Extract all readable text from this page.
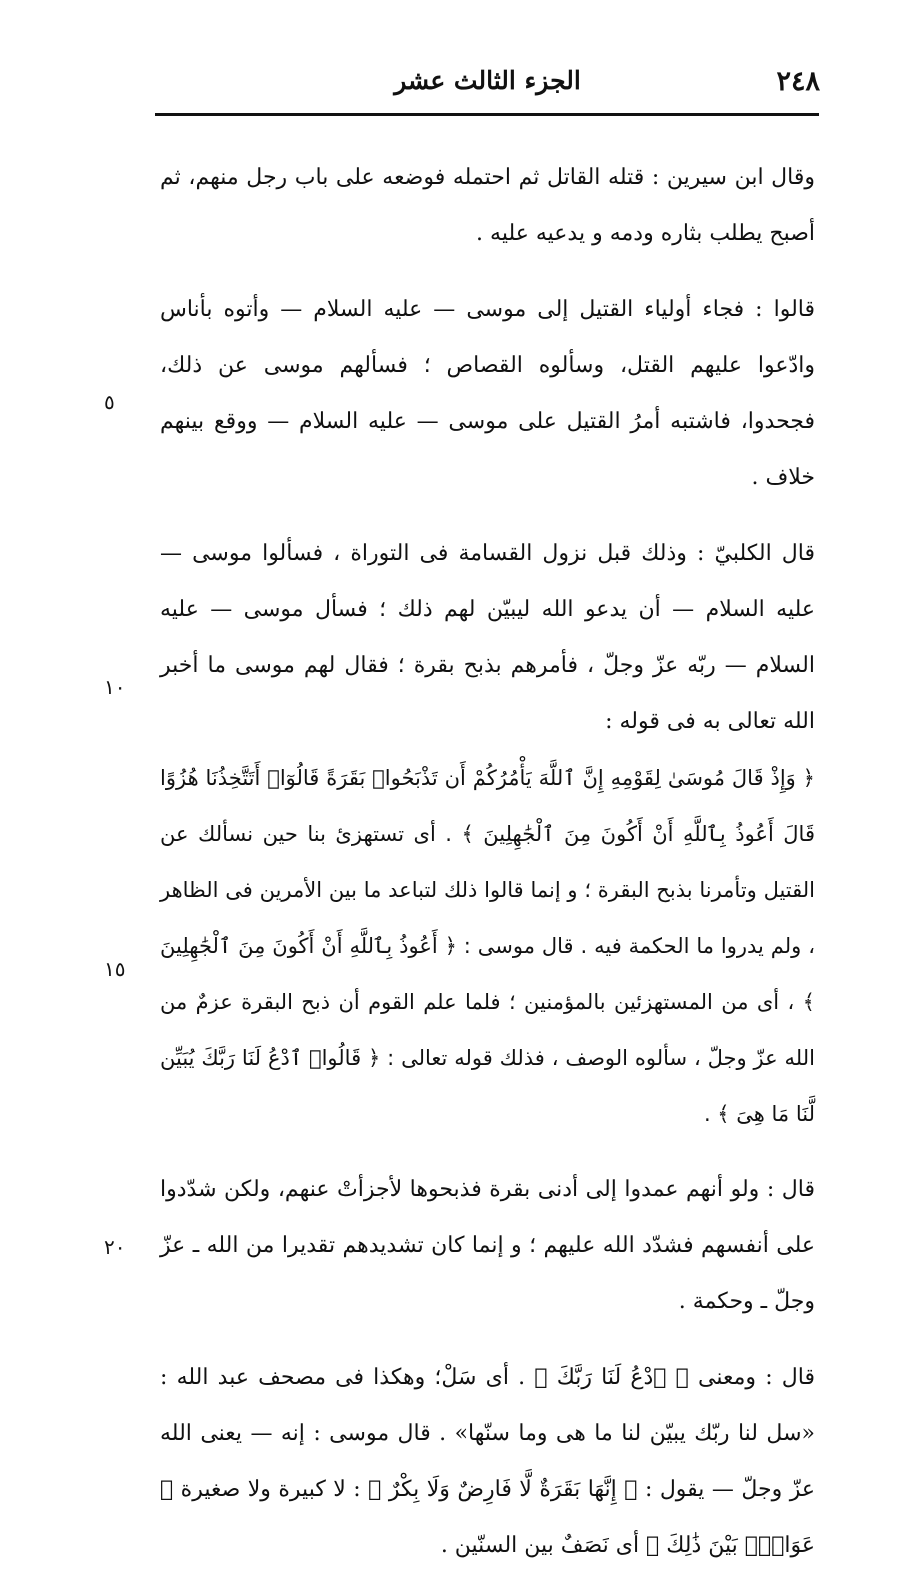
٢٤٨
الجزء الثالث عشر

وقال ابن سيرين : قتله القاتل ثم احتمله فوضعه على باب رجل منهم، ثم أصبح يطلب بثاره ودمه و يدعيه عليه .

قالوا : فجاء أولياء القتيل إلى موسى — عليه السلام — وأتوه بأناس وادّعوا عليهم القتل، وسألوه القصاص ؛ فسألهم موسى عن ذلك، فجحدوا، فاشتبه أمرُ القتيل على موسى — عليه السلام — ووقع بينهم خلاف .

قال الكلبيّ : وذلك قبل نزول القسامة فى التوراة ، فسألوا موسى — عليه السلام — أن يدعو الله ليبيّن لهم ذلك ؛ فسأل موسى — عليه السلام — ربّه عزّ وجلّ ، فأمرهم بذبح بقرة ؛ فقال لهم موسى ما أخبر الله تعالى به فى قوله :

﴿ وَإِذْ قَالَ مُوسَىٰ لِقَوْمِهِ إِنَّ ٱللَّهَ يَأْمُرُكُمْ أَن تَذْبَحُوا۟ بَقَرَةً قَالُوٓا۟ أَتَتَّخِذُنَا هُزُوًا قَالَ أَعُوذُ بِٱللَّهِ أَنْ أَكُونَ مِنَ ٱلْجَٰهِلِينَ ﴾ . أى تستهزئ بنا حين نسألك عن القتيل وتأمرنا بذبح البقرة ؛ و إنما قالوا ذلك لتباعد ما بين الأمرين فى الظاهر ، ولم يدروا ما الحكمة فيه . قال موسى : ﴿ أَعُوذُ بِٱللَّهِ أَنْ أَكُونَ مِنَ ٱلْجَٰهِلِينَ ﴾ ، أى من المستهزئين بالمؤمنين ؛ فلما علم القوم أن ذبح البقرة عزمٌ من الله عزّ وجلّ ، سألوه الوصف ، فذلك قوله تعالى : ﴿ قَالُوا۟ ٱدْعُ لَنَا رَبَّكَ يُبَيِّن لَّنَا مَا هِىَ ﴾ .

قال : ولو أنهم عمدوا إلى أدنى بقرة فذبحوها لأجزأتْ عنهم، ولكن شدّدوا على أنفسهم فشدّد الله عليهم ؛ و إنما كان تشديدهم تقديرا من الله ـ عزّ وجلّ ـ وحكمة .

قال : ومعنى ﴿ ٱدْعُ لَنَا رَبَّكَ ﴾ . أى سَلْ؛ وهكذا فى مصحف عبد الله : «سل لنا ربّك يبيّن لنا ما هى وما سنّها» . قال موسى : إنه — يعنى الله عزّ وجلّ — يقول : ﴿ إِنَّهَا بَقَرَةٌ لَّا فَارِضٌ وَلَا بِكْرٌ ﴾ : لا كبيرة ولا صغيرة ﴿ عَوَانٌۢ بَيْنَ ذَٰلِكَ ﴾ أى نَصَفٌ بين السنّين .

٥
١٠
١٥
٢٠
